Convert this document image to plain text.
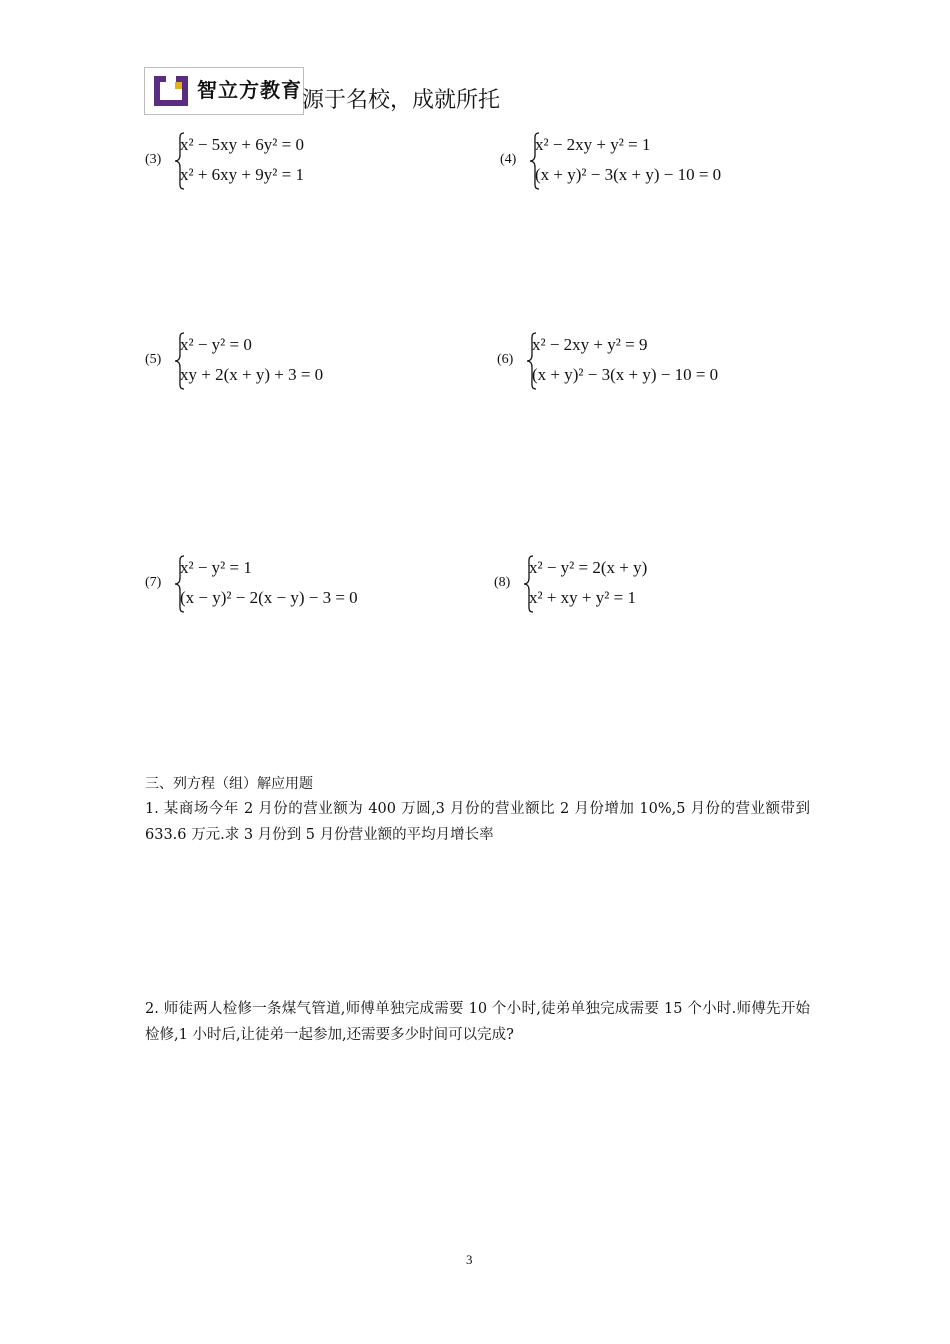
智立方教育 源于名校，成就所托
(3)
x² − 5xy + 6y² = 0
x² + 6xy + 9y² = 1
(4)
x² − 2xy + y² = 1
(x + y)² − 3(x + y) − 10 = 0
(5)
x² − y² = 0
xy + 2(x + y) + 3 = 0
(6)
x² − 2xy + y² = 9
(x + y)² − 3(x + y) − 10 = 0
(7)
x² − y² = 1
(x − y)² − 2(x − y) − 3 = 0
(8)
x² − y² = 2(x + y)
x² + xy + y² = 1
三、列方程（组）解应用题
1. 某商场今年 2 月份的营业额为 400 万圆,3 月份的营业额比 2 月份增加 10%,5 月份的营业额带到 633.6 万元.求 3 月份到 5 月份营业额的平均月增长率
2. 师徒两人检修一条煤气管道,师傅单独完成需要 10 个小时,徒弟单独完成需要 15 个小时.师傅先开始检修,1 小时后,让徒弟一起参加,还需要多少时间可以完成?
3
